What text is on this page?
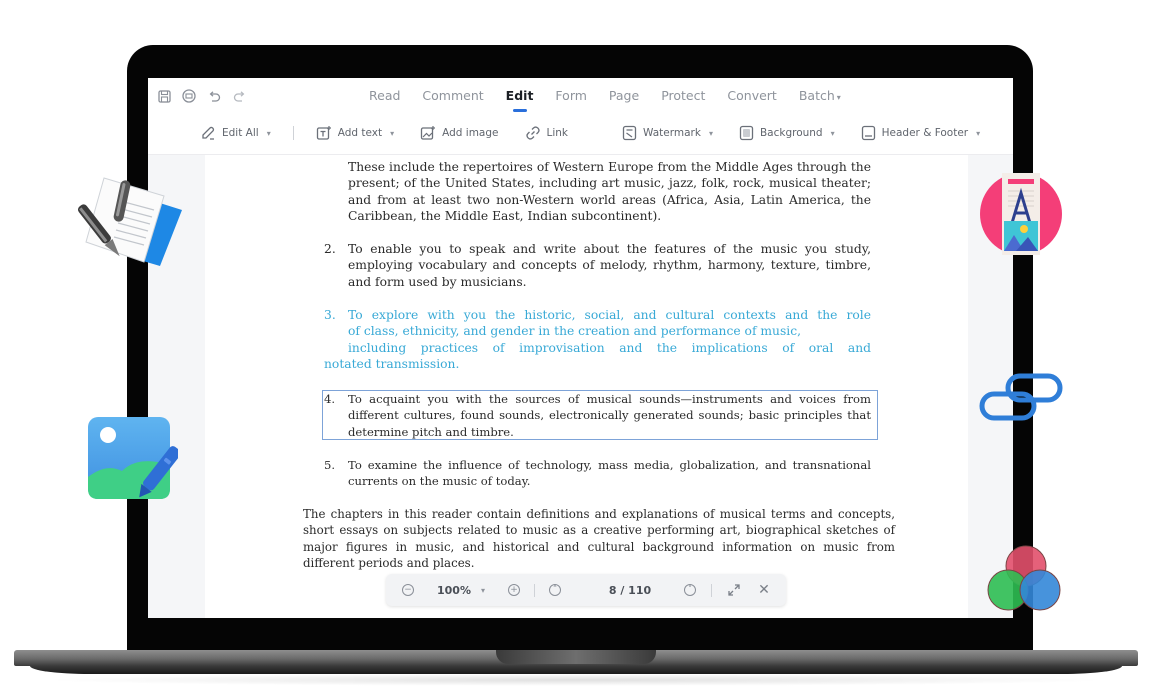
Read	Comment	Edit	Form	Page	Protect	Convert	Batch ▾
Edit All ▾	Add text ▾	Add image	Link	Watermark ▾	Background ▾	Header & Footer ▾
These include the repertoires of Western Europe from the Middle Ages through the present; of the United States, including art music, jazz, folk, rock, musical theater; and from at least two non-Western world areas (Africa, Asia, Latin America, the Caribbean, the Middle East, Indian subcontinent).
2. To enable you to speak and write about the features of the music you study, employing vocabulary and concepts of melody, rhythm, harmony, texture, timbre, and form used by musicians.
3. To explore with you the historic, social, and cultural contexts and the role
of class, ethnicity, and gender in the creation and performance of music,
including practices of improvisation and the implications of oral and
notated transmission.
4. To acquaint you with the sources of musical sounds—instruments and voices from different cultures, found sounds, electronically generated sounds; basic principles that determine pitch and timbre.
5. To examine the influence of technology, mass media, globalization, and transnational currents on the music of today.
The chapters in this reader contain definitions and explanations of musical terms and concepts, short essays on subjects related to music as a creative performing art, biographical sketches of major figures in music, and historical and cultural background information on music from different periods and places.
− 100%	▾	+	˄	8 / 110	˅	✕
